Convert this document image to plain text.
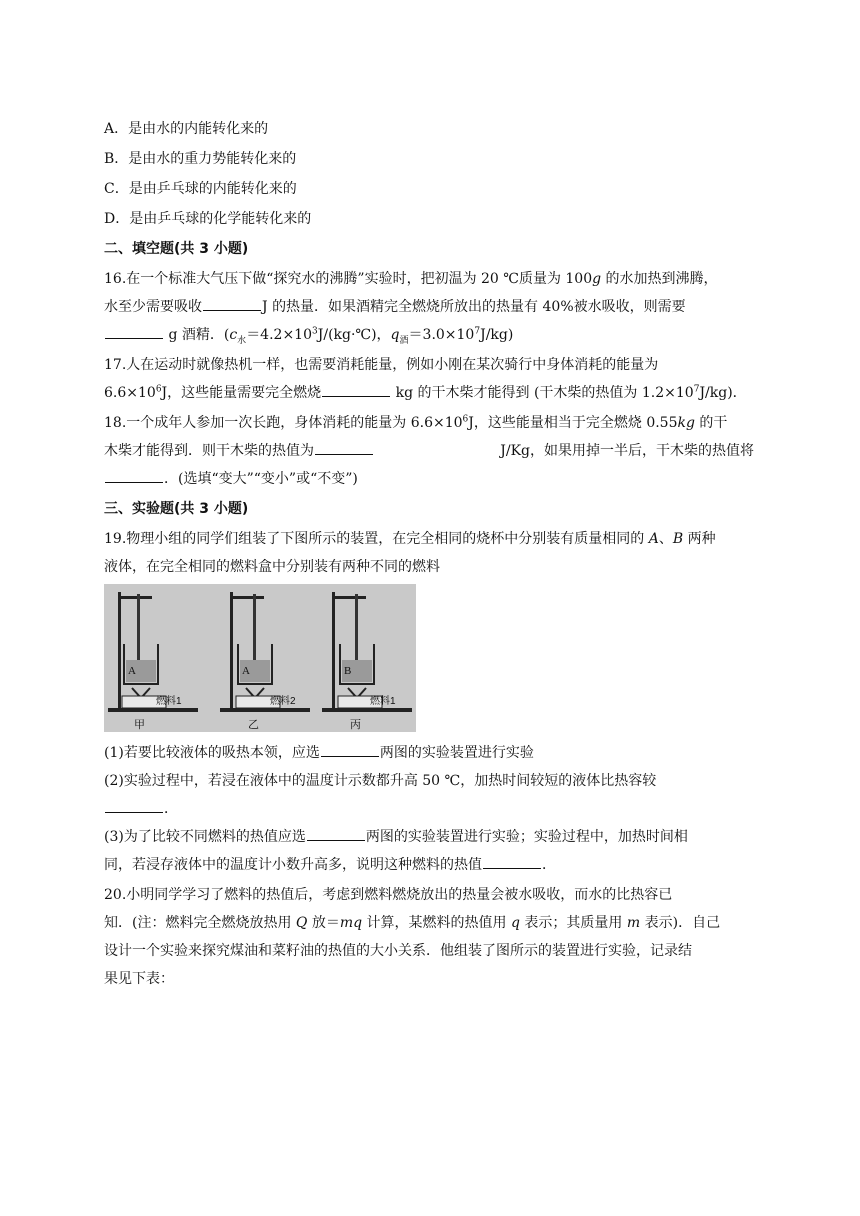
A．是由水的内能转化来的

B．是由水的重力势能转化来的

C．是由乒乓球的内能转化来的

D．是由乒乓球的化学能转化来的

二、填空题(共 3 小题)

16.在一个标准大气压下做“探究水的沸腾”实验时，把初温为 20 ℃质量为 100g 的水加热到沸腾，

水至少需要吸收	J 的热量．如果酒精完全燃烧所放出的热量有 40%被水吸收，则需要

g 酒精．($c_水=4.2\times 10^3J/(kg\cdot℃)$，$q_酒=3.0\times 10^7J/kg$)

17.人在运动时就像热机一样，也需要消耗能量，例如小刚在某次骑行中身体消耗的能量为

$6.6\times 10^6J$，这些能量需要完全燃烧	kg 的干木柴才能得到 (干木柴的热值为 $1.2\times 10^7J/kg$)．

18.一个成年人参加一次长跑，身体消耗的能量为 $6.6\times 10^6J$，这些能量相当于完全燃烧 0.55kg 的干

木柴才能得到．则干木柴的热值为	J/Kg，如果用掉一半后，干木柴的热值将

．(选填“变大”“变小”或“不变”)

三、实验题(共 3 小题)

19.物理小组的同学们组装了下图所示的装置，在完全相同的烧杯中分别装有质量相同的 A、B 两种

液体，在完全相同的燃料盒中分别装有两种不同的燃料

A
燃料1
甲
A
燃料2
乙
B
燃料1
丙

(1)若要比较液体的吸热本领，应选	两图的实验装置进行实验

(2)实验过程中，若浸在液体中的温度计示数都升高 50 ℃，加热时间较短的液体比热容较

．

(3)为了比较不同燃料的热值应选	两图的实验装置进行实验；实验过程中，加热时间相

同，若浸存液体中的温度计小数升高多，说明这种燃料的热值	．

20.小明同学学习了燃料的热值后，考虑到燃料燃烧放出的热量会被水吸收，而水的比热容已

知．(注：燃料完全燃烧放热用 Q 放＝mq 计算，某燃料的热值用 q 表示；其质量用 m 表示)．自己

设计一个实验来探究煤油和菜籽油的热值的大小关系．他组装了图所示的装置进行实验，记录结

果见下表：
